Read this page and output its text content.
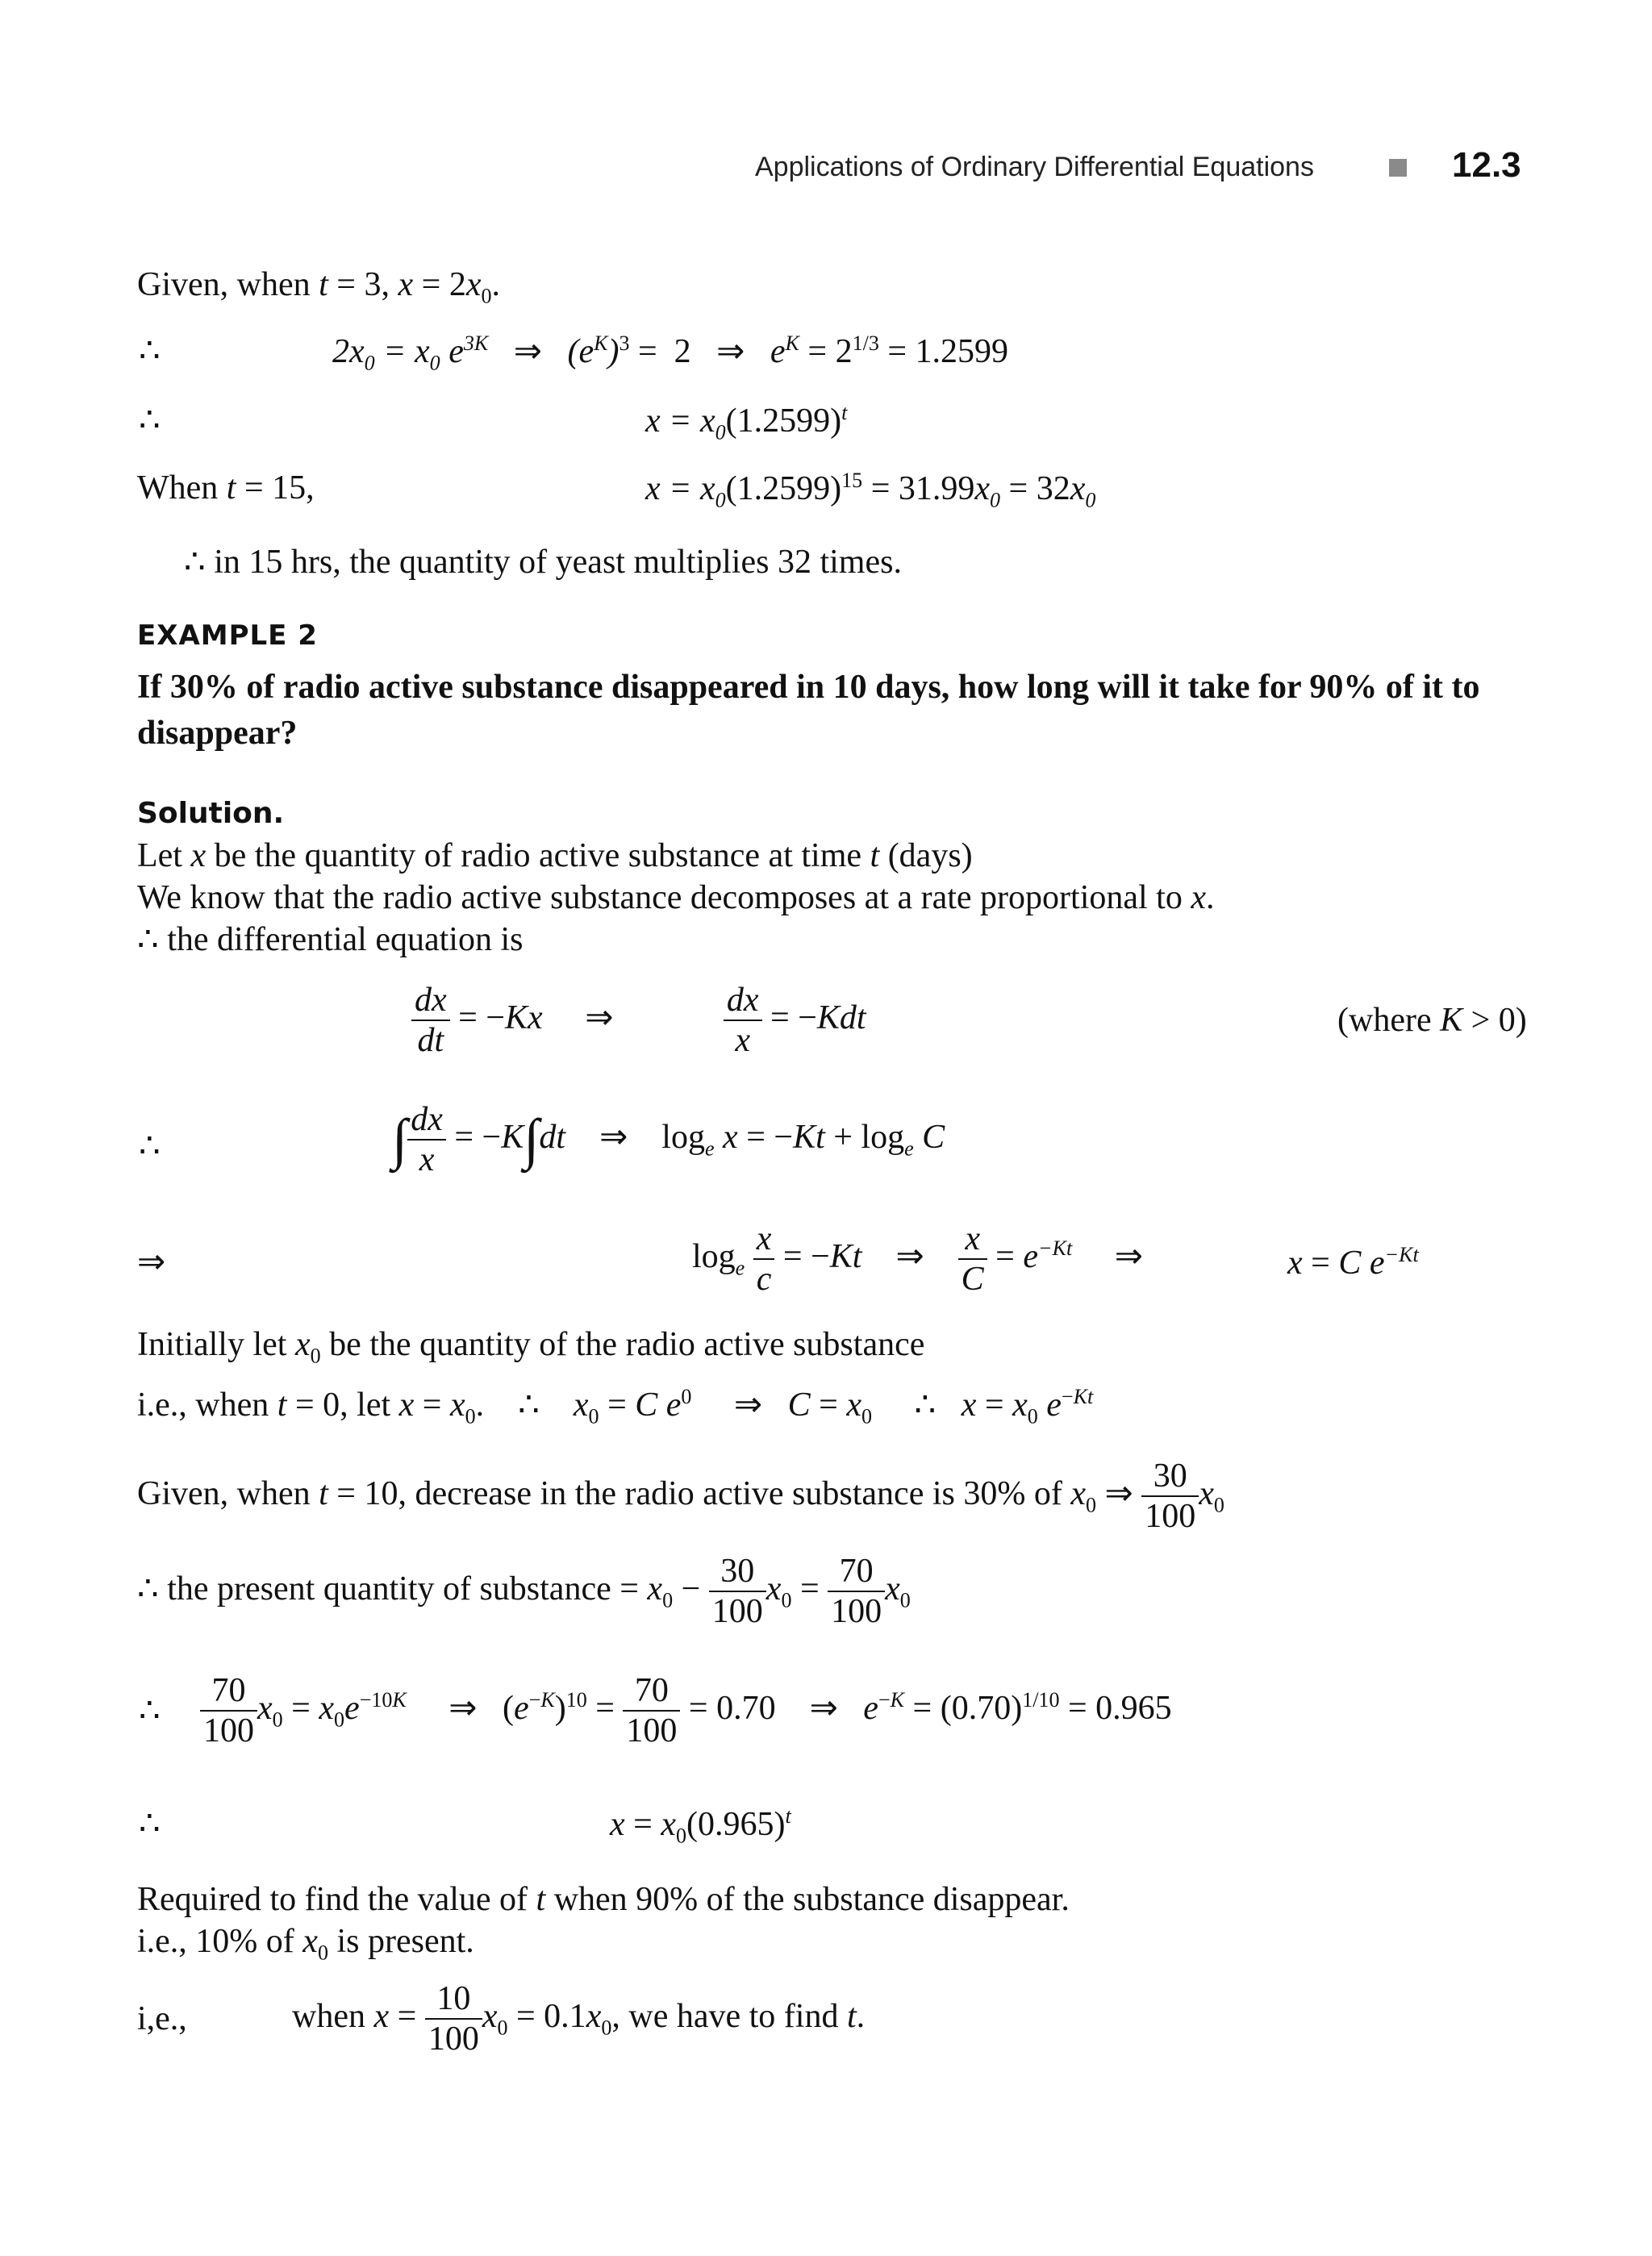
Applications of Ordinary Differential Equations	12.3
Given, when t = 3, $x = 2x_0$.
∴	$2x_0 = x_0$ $e^{3K}$   ⇒   $(e^K)^3 = 2$   ⇒   $e^K = 2^{1/3} = 1.2599$
∴	$x = x_0(1.2599)^t$
When t = 15,	$x = x_0(1.2599)^{15} = 31.99x_0 = 32x_0$
∴ in 15 hrs, the quantity of yeast multiplies 32 times.
EXAMPLE 2
If 30% of radio active substance disappeared in 10 days, how long will it take for 90% of it to disappear?
Solution.
Let x be the quantity of radio active substance at time t (days)
We know that the radio active substance decomposes at a rate proportional to x.
∴ the differential equation is
$\frac{dx}{dt} = -Kx$     ⇒ $\frac{dx}{x} = -Kdt$	(where K > 0)
∴	∫ $\frac{dx}{x} = -K\int dt$    ⇒    $\log_e x = -Kt + \log_e C$
⇒	$\log_e \frac{x}{c} = -Kt$    ⇒ $\frac{x}{C} = e^{-Kt}$     ⇒	x = C $e^{-Kt}$
Initially let $x_0$ be the quantity of the radio active substance
i.e., when t = 0, let $x = x_0$.    ∴    $x_0 = C$ $e^0$     ⇒   $C = x_0$     ∴   $x = x_0$ $e^{-Kt}$
Given, when t = 10, decrease in the radio active substance is 30% of $x_0$ ⇒ $\frac{30}{100} x_0$
∴ the present quantity of substance = $x_0 - \frac{30}{100} x_0 = \frac{70}{100} x_0$
∴ $\frac{70}{100} x_0 = x_0e^{-10K}$     ⇒   $(e^{-K})^{10} = \frac{70}{100} = 0.70$    ⇒   $e^{-K} = (0.70)^{1/10} = 0.965$
∴	$x = x_0(0.965)^t$
Required to find the value of t when 90% of the substance disappear.
i.e., 10% of $x_0$ is present.
i,e.,	when $x = \frac{10}{100} x_0 = 0.1x_0$, we have to find t.
